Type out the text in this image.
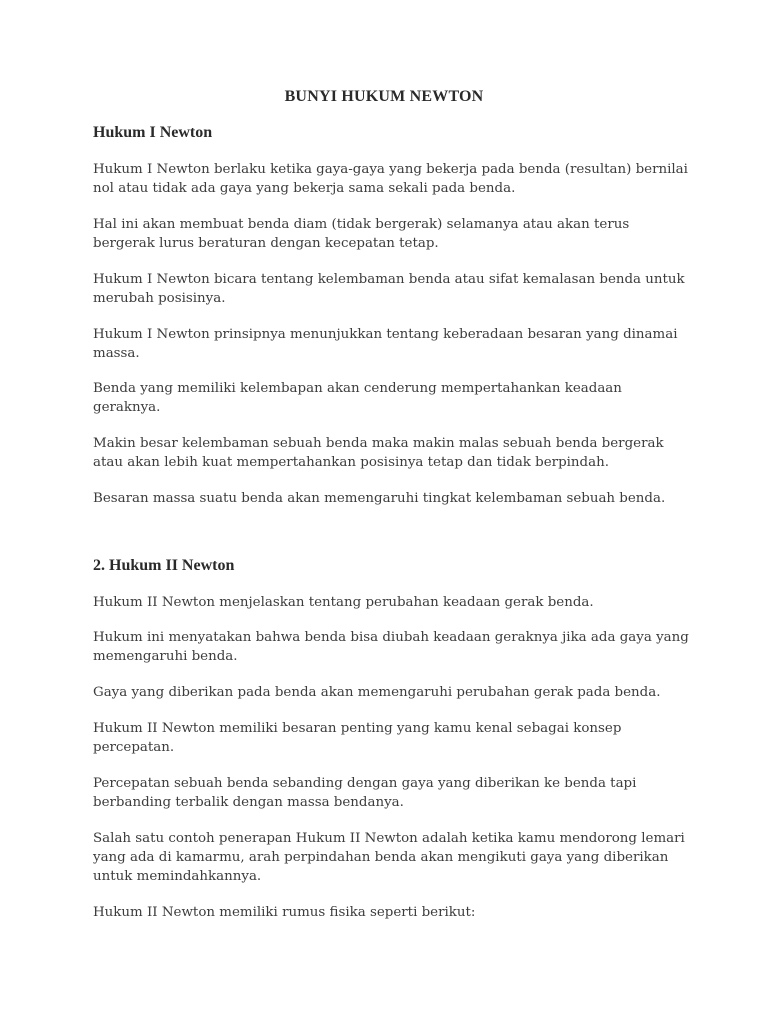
BUNYI HUKUM NEWTON
Hukum I Newton

Hukum I Newton berlaku ketika gaya-gaya yang bekerja pada benda (resultan) bernilai nol atau tidak ada gaya yang bekerja sama sekali pada benda.

Hal ini akan membuat benda diam (tidak bergerak) selamanya atau akan terus bergerak lurus beraturan dengan kecepatan tetap.

Hukum I Newton bicara tentang kelembaman benda atau sifat kemalasan benda untuk merubah posisinya.

Hukum I Newton prinsipnya menunjukkan tentang keberadaan besaran yang dinamai massa.

Benda yang memiliki kelembapan akan cenderung mempertahankan keadaan geraknya.

Makin besar kelembaman sebuah benda maka makin malas sebuah benda bergerak atau akan lebih kuat mempertahankan posisinya tetap dan tidak berpindah.

Besaran massa suatu benda akan memengaruhi tingkat kelembaman sebuah benda.

2. Hukum II Newton

Hukum II Newton menjelaskan tentang perubahan keadaan gerak benda.

Hukum ini menyatakan bahwa benda bisa diubah keadaan geraknya jika ada gaya yang memengaruhi benda.

Gaya yang diberikan pada benda akan memengaruhi perubahan gerak pada benda.

Hukum II Newton memiliki besaran penting yang kamu kenal sebagai konsep percepatan.

Percepatan sebuah benda sebanding dengan gaya yang diberikan ke benda tapi berbanding terbalik dengan massa bendanya.

Salah satu contoh penerapan Hukum II Newton adalah ketika kamu mendorong lemari yang ada di kamarmu, arah perpindahan benda akan mengikuti gaya yang diberikan untuk memindahkannya.

Hukum II Newton memiliki rumus fisika seperti berikut:
